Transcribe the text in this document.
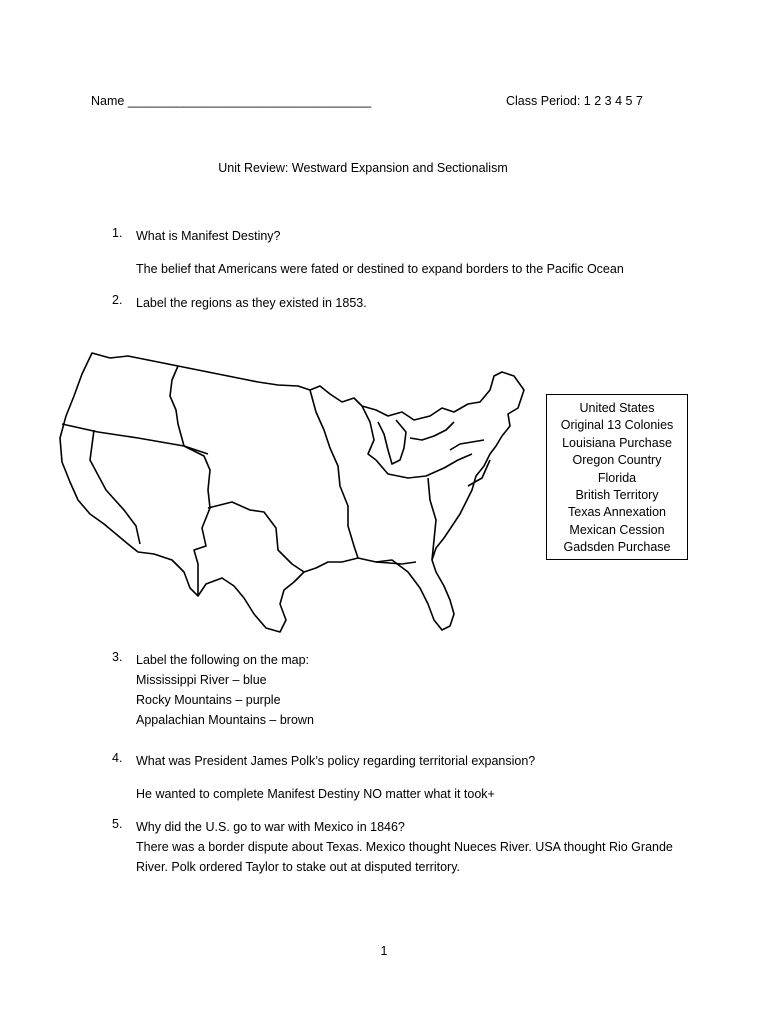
Name ___________________________________	Class Period: 1 2 3 4 5 7
Unit Review: Westward Expansion and Sectionalism
1. What is Manifest Destiny?
The belief that Americans were fated or destined to expand borders to the Pacific Ocean
2. Label the regions as they existed in 1853.
United States
Original 13 Colonies
Louisiana Purchase
Oregon Country
Florida
British Territory
Texas Annexation
Mexican Cession
Gadsden Purchase
3. Label the following on the map:
Mississippi River – blue
Rocky Mountains – purple
Appalachian Mountains – brown
4. What was President James Polk’s policy regarding territorial expansion?
He wanted to complete Manifest Destiny NO matter what it took+
5. Why did the U.S. go to war with Mexico in 1846?
There was a border dispute about Texas. Mexico thought Nueces River. USA thought Rio Grande
River. Polk ordered Taylor to stake out at disputed territory.
1
